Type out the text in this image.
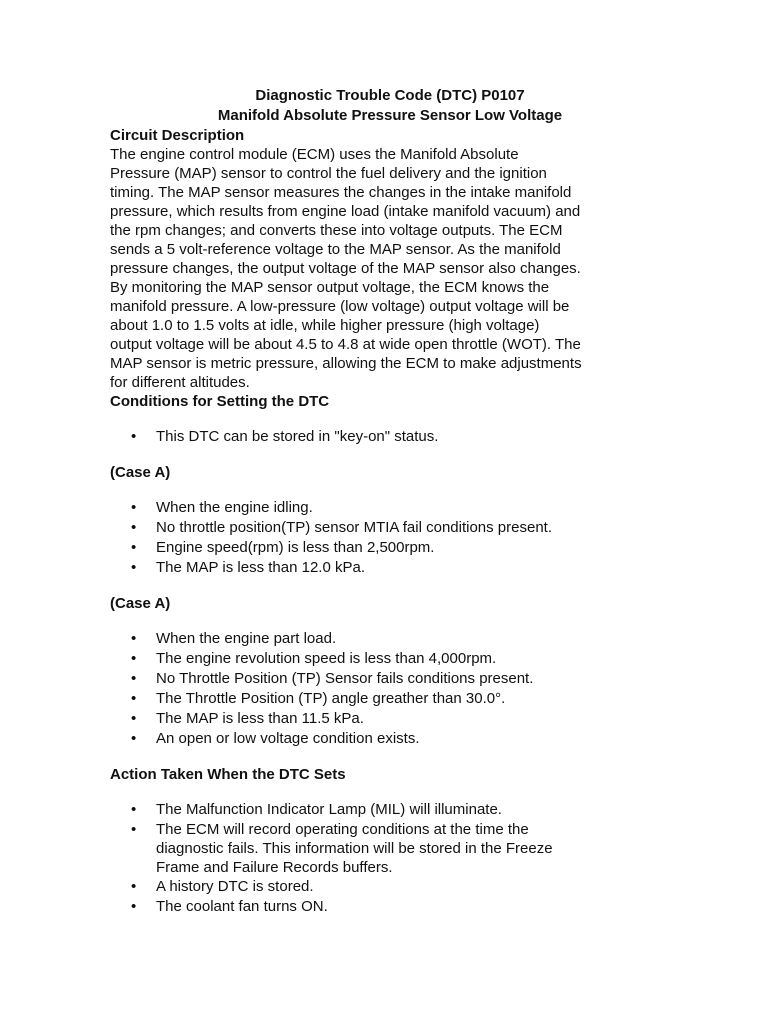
Diagnostic Trouble Code (DTC) P0107

Manifold Absolute Pressure Sensor Low Voltage

Circuit Description

The engine control module (ECM) uses the Manifold Absolute
Pressure (MAP) sensor to control the fuel delivery and the ignition
timing. The MAP sensor measures the changes in the intake manifold
pressure, which results from engine load (intake manifold vacuum) and
the rpm changes; and converts these into voltage outputs. The ECM
sends a 5 volt-reference voltage to the MAP sensor. As the manifold
pressure changes, the output voltage of the MAP sensor also changes.
By monitoring the MAP sensor output voltage, the ECM knows the
manifold pressure. A low-pressure (low voltage) output voltage will be
about 1.0 to 1.5 volts at idle, while higher pressure (high voltage)
output voltage will be about 4.5 to 4.8 at wide open throttle (WOT). The
MAP sensor is metric pressure, allowing the ECM to make adjustments
for different altitudes.

Conditions for Setting the DTC

• This DTC can be stored in "key-on" status.

(Case A)

• When the engine idling.
• No throttle position(TP) sensor MTIA fail conditions present.
• Engine speed(rpm) is less than 2,500rpm.
• The MAP is less than 12.0 kPa.

(Case A)

• When the engine part load.
• The engine revolution speed is less than 4,000rpm.
• No Throttle Position (TP) Sensor fails conditions present.
• The Throttle Position (TP) angle greather than 30.0°.
• The MAP is less than 11.5 kPa.
• An open or low voltage condition exists.

Action Taken When the DTC Sets

• The Malfunction Indicator Lamp (MIL) will illuminate.
• The ECM will record operating conditions at the time the
diagnostic fails. This information will be stored in the Freeze
Frame and Failure Records buffers.
• A history DTC is stored.
• The coolant fan turns ON.
